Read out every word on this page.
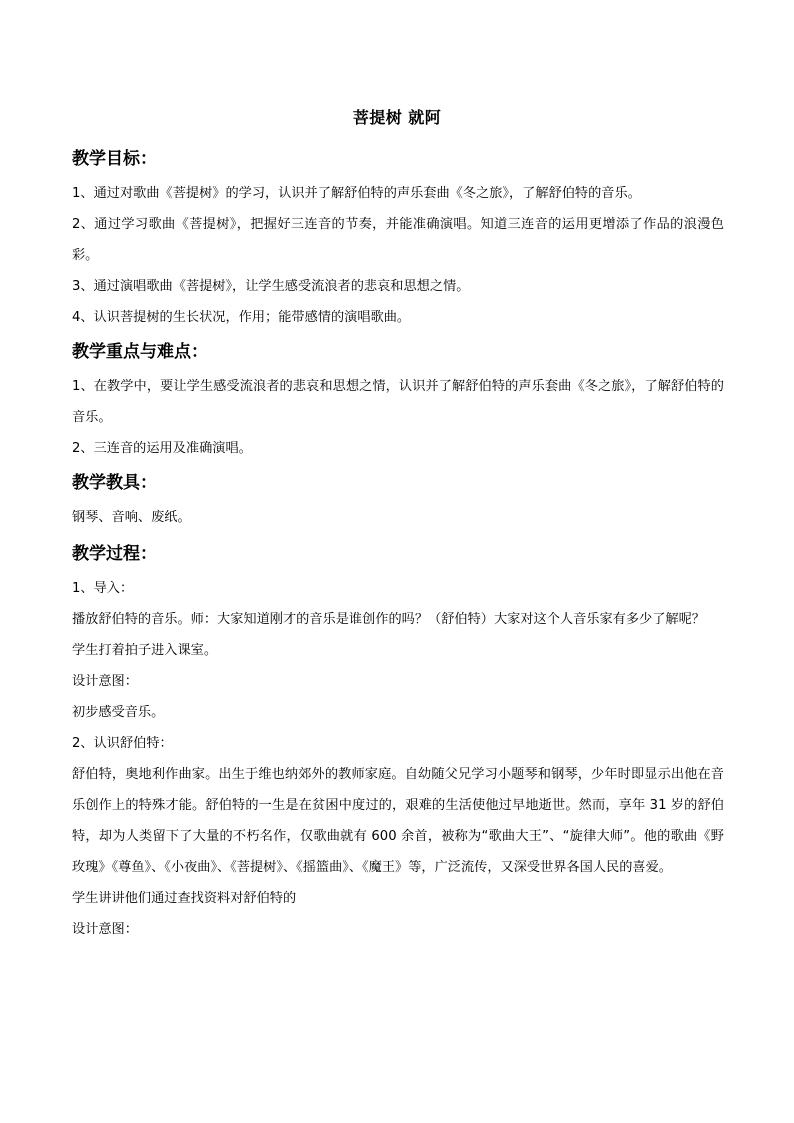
菩提树 就阿
教学目标：

1、通过对歌曲《菩提树》的学习，认识并了解舒伯特的声乐套曲《冬之旅》，了解舒伯特的音乐。

2、通过学习歌曲《菩提树》，把握好三连音的节奏，并能准确演唱。知道三连音的运用更增添了作品的浪漫色彩。

3、通过演唱歌曲《菩提树》，让学生感受流浪者的悲哀和思想之情。

4、认识菩提树的生长状况，作用；能带感情的演唱歌曲。

教学重点与难点：

1、在教学中，要让学生感受流浪者的悲哀和思想之情，认识并了解舒伯特的声乐套曲《冬之旅》，了解舒伯特的音乐。

2、三连音的运用及准确演唱。

教学教具：

钢琴、音响、废纸。

教学过程：

1、导入：

播放舒伯特的音乐。师：大家知道刚才的音乐是谁创作的吗？（舒伯特）大家对这个人音乐家有多少了解呢？

学生打着拍子进入课室。

设计意图：

初步感受音乐。

2、认识舒伯特：

舒伯特，奥地利作曲家。出生于维也纳郊外的教师家庭。自幼随父兄学习小题琴和钢琴，少年时即显示出他在音乐创作上的特殊才能。舒伯特的一生是在贫困中度过的，艰难的生活使他过早地逝世。然而，享年 31 岁的舒伯特，却为人类留下了大量的不朽名作，仅歌曲就有 600 余首，被称为“歌曲大王”、“旋律大师”。他的歌曲《野玫瑰》《尊鱼》、《小夜曲》、《菩提树》、《摇篮曲》、《魔王》等，广泛流传，又深受世界各国人民的喜爱。

学生讲讲他们通过查找资料对舒伯特的

设计意图：
